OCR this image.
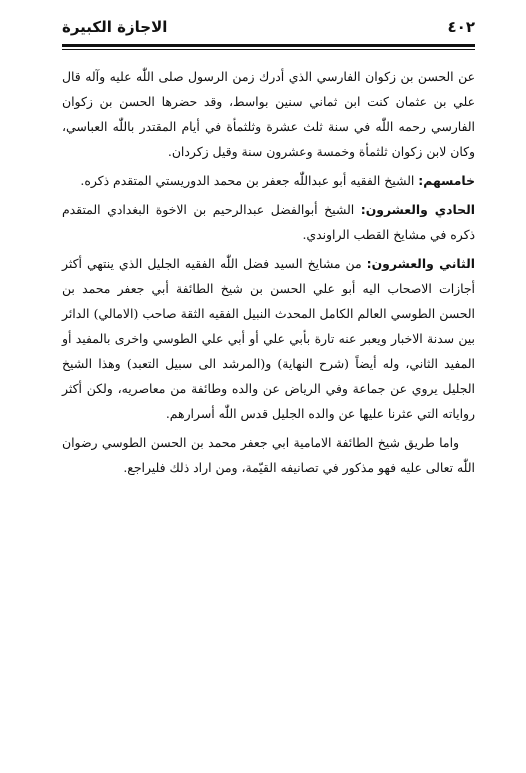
٤٠٢
الاجازة الكبيرة

عن الحسن بن زكوان الفارسي الذي أدرك زمن الرسول صلى اللّٰه عليه وآله قال علي بن عثمان كنت ابن ثماني سنين بواسط، وقد حضرها الحسن بن زكوان الفارسي رحمه اللّٰه في سنة ثلث عشرة وثلثمأة في أيام المقتدر باللّٰه العباسي، وكان لابن زكوان ثلثمأة وخمسة وعشرون سنة وقيل زكردان.

خامسهم: الشيخ الفقيه أبو عبداللّٰه جعفر بن محمد الدوريستي المتقدم ذكره.

الحادي والعشرون: الشيخ أبوالفضل عبدالرحيم بن الاخوة البغدادي المتقدم ذكره في مشايخ القطب الراوندي.

الثاني والعشرون: من مشايخ السيد فضل اللّٰه الفقيه الجليل الذي ينتهي أكثر أجازات الاصحاب اليه أبو علي الحسن بن شيخ الطائفة أبي جعفر محمد بن الحسن الطوسي العالم الكامل المحدث النبيل الفقيه الثقة صاحب (الامالي) الدائر بين سدنة الاخبار ويعبر عنه تارة بأبي علي أو أبي علي الطوسي واخرى بالمفيد أو المفيد الثاني، وله أيضاً (شرح النهاية) و(المرشد الى سبيل التعبد) وهذا الشيخ الجليل يروي عن جماعة وفي الرياض عن والده وطائفة من معاصريه، ولكن أكثر رواياته التي عثرنا عليها عن والده الجليل قدس اللّٰه أسرارهم.

واما طريق شيخ الطائفة الامامية ابي جعفر محمد بن الحسن الطوسي رضوان اللّٰه تعالى عليه فهو مذكور في تصانيفه القيّمة، ومن اراد ذلك فليراجع.
